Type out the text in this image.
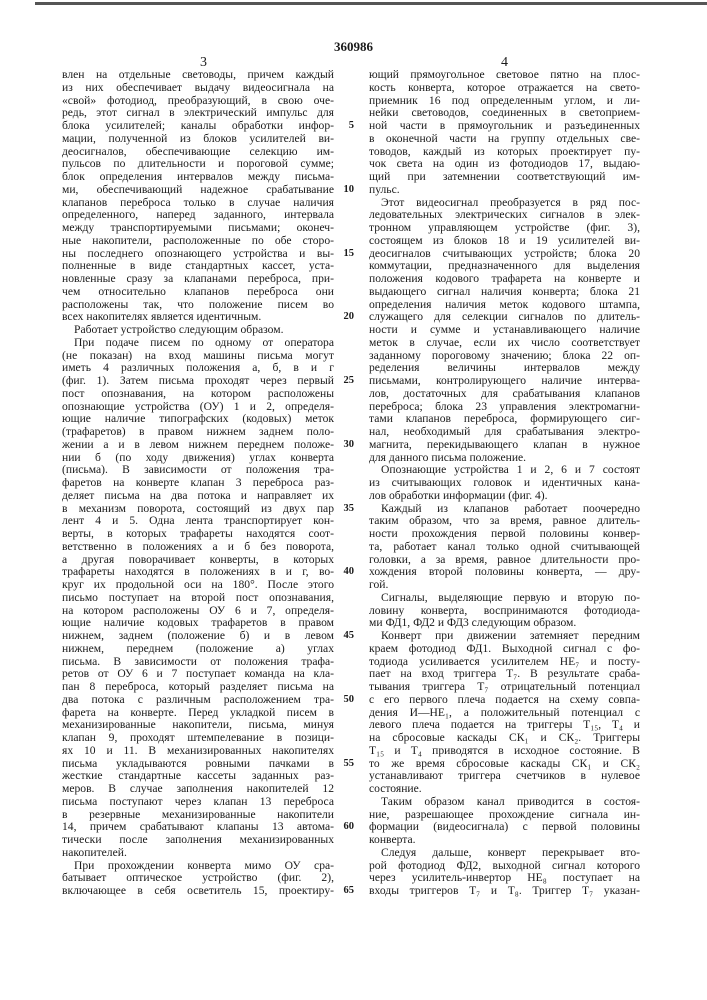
360986
3	4
влен на отдельные световоды, причем каждый
из них обеспечивает выдачу видеосигнала на
«свой» фотодиод, преобразующий, в свою оче-
редь, этот сигнал в электрический импульс для
блока усилителей; каналы обработки инфор-
мации, полученной из блоков усилителей ви-
деосигналов, обеспечивающие селекцию им-
пульсов по длительности и пороговой сумме;
блок определения интервалов между письма-
ми, обеспечивающий надежное срабатывание
клапанов переброса только в случае наличия
определенного, наперед заданного, интервала
между транспортируемыми письмами; оконеч-
ные накопители, расположенные по обе сторо-
ны последнего опознающего устройства и вы-
полненные в виде стандартных кассет, уста-
новленные сразу за клапанами переброса, при-
чем относительно клапанов переброса они
расположены так, что положение писем во
всех накопителях является идентичным.
Работает устройство следующим образом.
При подаче писем по одному от оператора
(не показан) на вход машины письма могут
иметь 4 различных положения а, б, в и г
(фиг. 1). Затем письма проходят через первый
пост опознавания, на котором расположены
опознающие устройства (ОУ) 1 и 2, определя-
ющие наличие типографских (кодовых) меток
(трафаретов) в правом нижнем заднем поло-
жении а и в левом нижнем переднем положе-
нии б (по ходу движения) углах конверта
(письма). В зависимости от положения тра-
фаретов на конверте клапан 3 переброса раз-
деляет письма на два потока и направляет их
в механизм поворота, состоящий из двух пар
лент 4 и 5. Одна лента транспортирует кон-
верты, в которых трафареты находятся соот-
ветственно в положениях а и б без поворота,
а другая поворачивает конверты, в которых
трафареты находятся в положениях в и г, во-
круг их продольной оси на 180°. После этого
письмо поступает на второй пост опознавания,
на котором расположены ОУ 6 и 7, определя-
ющие наличие кодовых трафаретов в правом
нижнем, заднем (положение б) и в левом
нижнем, переднем (положение а) углах
письма. В зависимости от положения трафа-
ретов от ОУ 6 и 7 поступает команда на кла-
пан 8 переброса, который разделяет письма на
два потока с различным расположением тра-
фарета на конверте. Перед укладкой писем в
механизированные накопители, письма, минуя
клапан 9, проходят штемпелевание в позици-
ях 10 и 11. В механизированных накопителях
письма укладываются ровными пачками в
жесткие стандартные кассеты заданных раз-
меров. В случае заполнения накопителей 12
письма поступают через клапан 13 переброса
в резервные механизированные накопители
14, причем срабатывают клапаны 13 автома-
тически после заполнения механизированных
накопителей.
При прохождении конверта мимо ОУ сра-
батывает оптическое устройство (фиг. 2),
включающее в себя осветитель 15, проектиру-
5
10
15
20
25
30
35
40
45
50
55
60
65
ющий прямоугольное световое пятно на плос-
кость конверта, которое отражается на свето-
приемник 16 под определенным углом, и ли-
нейки световодов, соединенных в светоприем-
ной части в прямоугольник и разъединенных
в оконечной части на группу отдельных све-
товодов, каждый из которых проектирует пу-
чок света на один из фотодиодов 17, выдаю-
щий при затемнении соответствующий им-
пульс.
Этот видеосигнал преобразуется в ряд пос-
ледовательных электрических сигналов в элек-
тронном управляющем устройстве (фиг. 3),
состоящем из блоков 18 и 19 усилителей ви-
деосигналов считывающих устройств; блока 20
коммутации, предназначенного для выделения
положения кодового трафарета на конверте и
выдающего сигнал наличия конверта; блока 21
определения наличия меток кодового штампа,
служащего для селекции сигналов по длитель-
ности и сумме и устанавливающего наличие
меток в случае, если их число соответствует
заданному пороговому значению; блока 22 оп-
ределения величины интервалов между
письмами, контролирующего наличие интерва-
лов, достаточных для срабатывания клапанов
переброса; блока 23 управления электромагни-
тами клапанов переброса, формирующего сиг-
нал, необходимый для срабатывания электро-
магнита, перекидывающего клапан в нужное
для данного письма положение.
Опознающие устройства 1 и 2, 6 и 7 состоят
из считывающих головок и идентичных кана-
лов обработки информации (фиг. 4).
Каждый из клапанов работает поочередно
таким образом, что за время, равное длитель-
ности прохождения первой половины конвер-
та, работает канал только одной считывающей
головки, а за время, равное длительности про-
хождения второй половины конверта, — дру-
гой.
Сигналы, выделяющие первую и вторую по-
ловину конверта, воспринимаются фотодиода-
ми ФД1, ФД2 и ФД3 следующим образом.
Конверт при движении затемняет передним
краем фотодиод ФД1. Выходной сигнал с фо-
тодиода усиливается усилителем НЕ₇ и посту-
пает на вход триггера Т₇. В результате сраба-
тывания триггера Т₇ отрицательный потенциал
с его первого плеча подается на схему совпа-
дения И—НЕ₁, а положительный потенциал с
левого плеча подается на триггеры Т₁₅, Т₄ и
на сбросовые каскады СК₁ и СК₂. Триггеры
Т₁₅ и Т₄ приводятся в исходное состояние. В
то же время сбросовые каскады СК₁ и СК₂
устанавливают триггера счетчиков в нулевое
состояние.
Таким образом канал приводится в состоя-
ние, разрешающее прохождение сигнала ин-
формации (видеосигнала) с первой половины
конверта.
Следуя дальше, конверт перекрывает вто-
рой фотодиод ФД2, выходной сигнал которого
через усилитель-инвертор НЕ₈ поступает на
входы триггеров Т₇ и Т₈. Триггер Т₇ указан-
